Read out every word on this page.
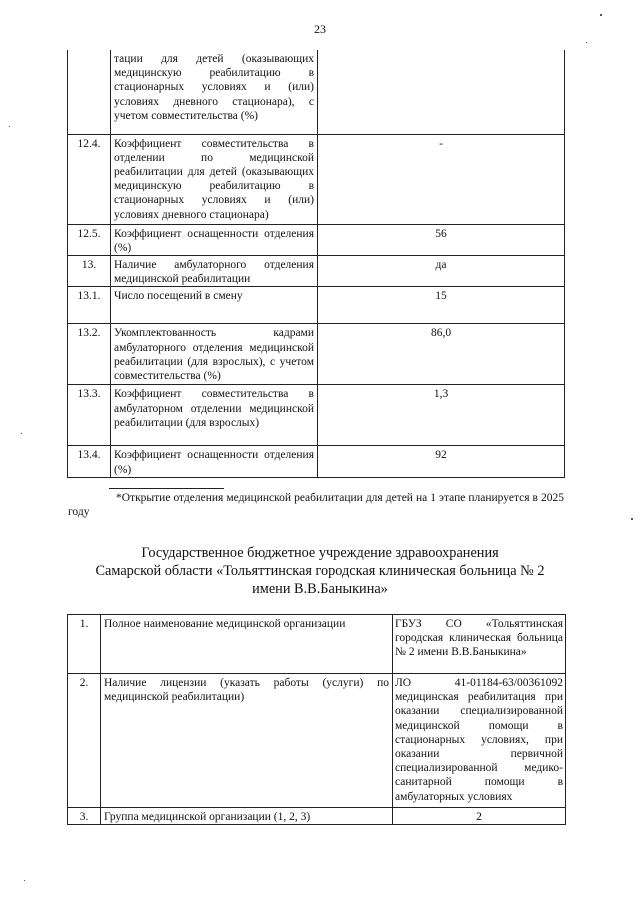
23
	тации для детей (оказывающих медицинскую реабилитацию в стационарных условиях и (или) условиях дневного стационара), с учетом совместительства (%)	
12.4.	Коэффициент совместительства в отделении по медицинской реабилитации для детей (оказывающих медицинскую реабилитацию в стационарных условиях и (или) условиях дневного стационара)	-
12.5.	Коэффициент оснащенности отделения (%)	56
13.	Наличие амбулаторного отделения медицинской реабилитации	да
13.1.	Число посещений в смену	15
13.2.	Укомплектованность кадрами амбулаторного отделения медицинской реабилитации (для взрослых), с учетом совместительства (%)	86,0
13.3.	Коэффициент совместительства в амбулаторном отделении медицинской реабилитации (для взрослых)	1,3
13.4.	Коэффициент оснащенности отделения (%)	92
*Открытие отделения медицинской реабилитации для детей на 1 этапе планируется в 2025 году
Государственное бюджетное учреждение здравоохранения
Самарской области «Тольяттинская городская клиническая больница № 2
имени В.В.Баныкина»
1.	Полное наименование медицинской организации	ГБУЗ СО «Тольяттинская городская клиническая больница № 2 имени В.В.Баныкина»
2.	Наличие лицензии (указать работы (услуги) по медицинской реабилитации)	ЛО 41-01184-63/00361092 медицинская реабилитация при оказании специализированной медицинской помощи в стационарных условиях, при оказании первичной специализированной медико-санитарной помощи в амбулаторных условиях
3.	Группа медицинской организации (1, 2, 3)	2
